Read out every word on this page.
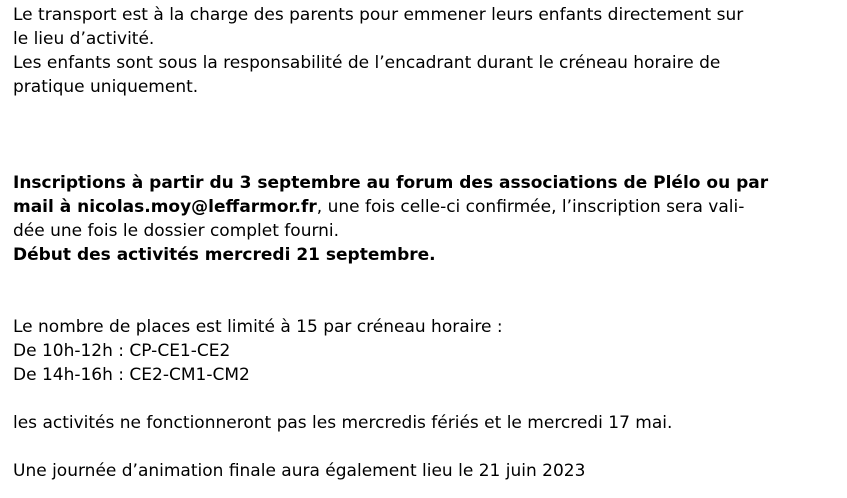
Le transport est à la charge des parents pour emmener leurs enfants directement sur

le lieu d’activité.

Les enfants sont sous la responsabilité de l’encadrant durant le créneau horaire de

pratique uniquement.

Inscriptions à partir du 3 septembre au forum des associations de Plélo ou par

mail à nicolas.moy@leffarmor.fr, une fois celle-ci confirmée, l’inscription sera vali-

dée une fois le dossier complet fourni.

Début des activités mercredi 21 septembre.

Le nombre de places est limité à 15 par créneau horaire :

De 10h-12h : CP-CE1-CE2

De 14h-16h : CE2-CM1-CM2

les activités ne fonctionneront pas les mercredis fériés et le mercredi 17 mai.

Une journée d’animation finale aura également lieu le 21 juin 2023
